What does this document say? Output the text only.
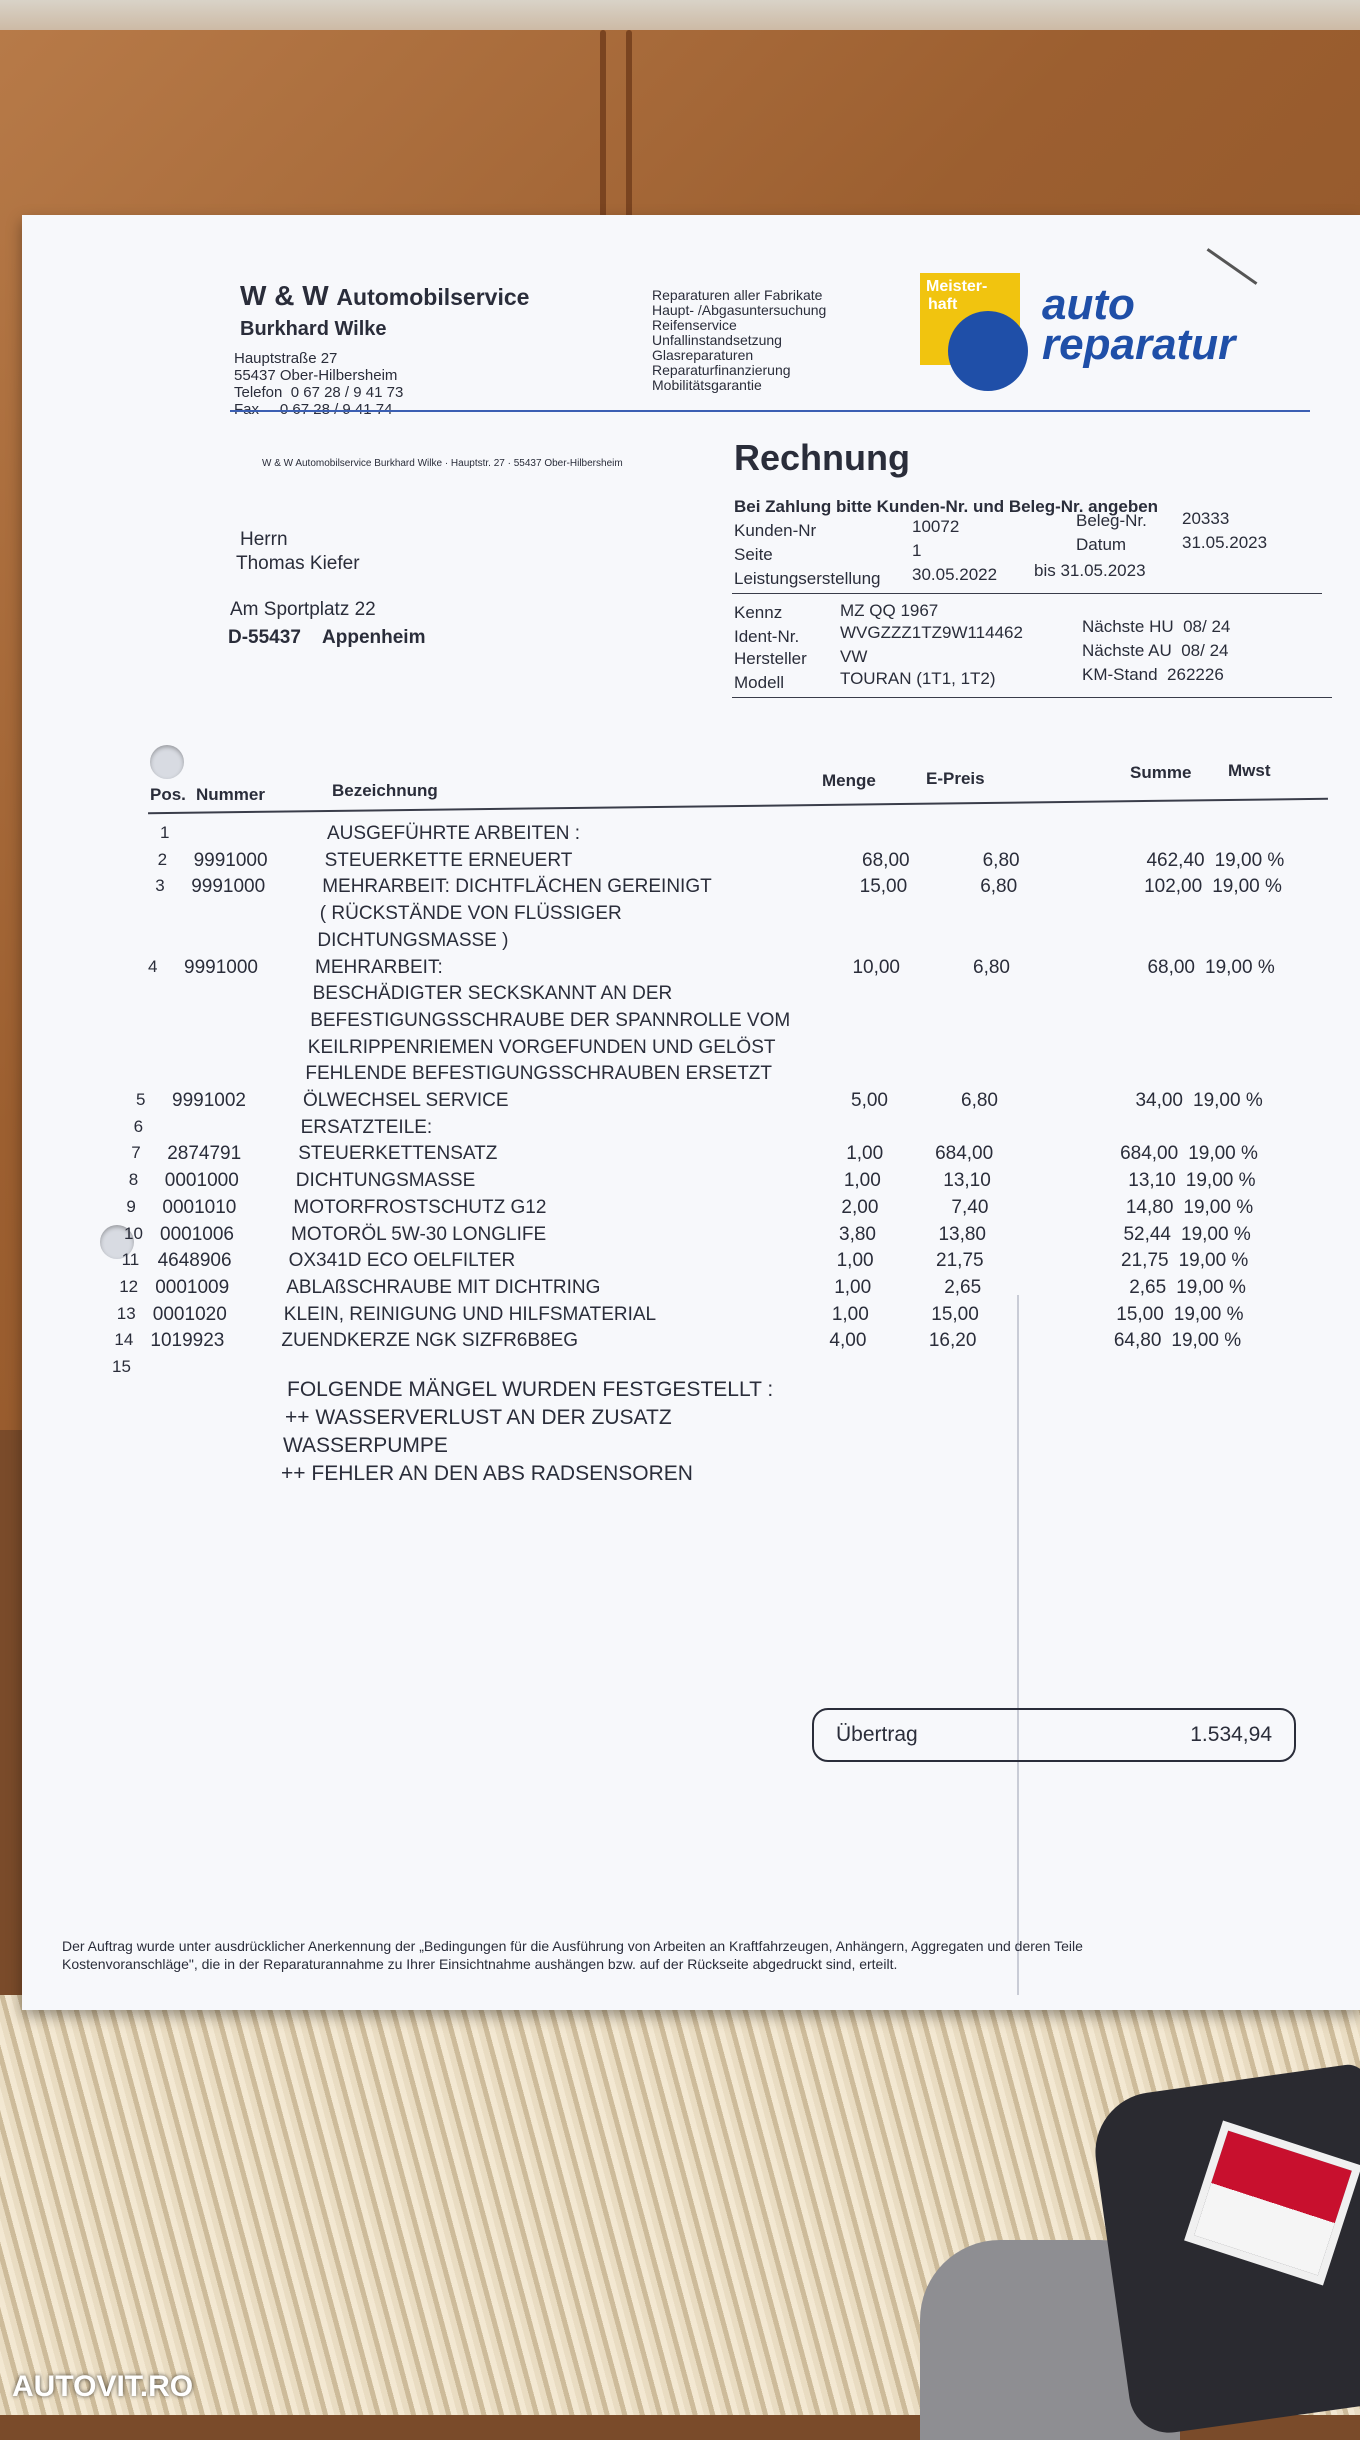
W & W Automobilservice
Burkhard Wilke
Hauptstraße 27
55437 Ober-Hilbersheim
Telefon 0 67 28 / 9 41 73

Reparaturen aller Fabrikate
Haupt- /Abgasuntersuchung
Reifenservice
Unfallinstandsetzung
Glasreparaturen
Reparaturfinanzierung
Mobilitätsgarantie
Meister-
haft auto
reparatur
W & W Automobilservice Burkhard Wilke · Hauptstr. 27 · 55437 Ober-Hilbersheim	Rechnung
Bei Zahlung bitte Kunden-Nr. und Beleg-Nr. angeben
Kunden-Nr	10072	Beleg-Nr. 20333
Seite	1	Datum	31.05.2023
Leistungserstellung 30.05.2022 bis 31.05.2023
Herrn
Thomas Kiefer
Am Sportplatz 22
D-55437 Appenheim
Kennz	MZ QQ 1967
Ident-Nr. WVGZZZ1TZ9W114462
Hersteller VW
Modell	TOURAN (1T1, 1T2)
Nächste HU 08/ 24
Nächste AU 08/ 24
KM-Stand 262226
Pos. Nummer	Bezeichnung
Menge	E-Preis	Summe Mwst
1	AUSGEFÜHRTE ARBEITEN :
2	9991000	STEUERKETTE ERNEUERT	68,00	6,80	462,40 19,00 %
3	9991000	MEHRARBEIT: DICHTFLÄCHEN GEREINIGT	15,00	6,80	102,00 19,00 %
( RÜCKSTÄNDE VON FLÜSSIGER
DICHTUNGSMASSE )
4	9991000	MEHRARBEIT:	10,00	6,80	68,00 19,00 %
BESCHÄDIGTER SECKSKANNT AN DER
BEFESTIGUNGSSCHRAUBE DER SPANNROLLE VOM
KEILRIPPENRIEMEN VORGEFUNDEN UND GELÖST
FEHLENDE BEFESTIGUNGSSCHRAUBEN ERSETZT
5	9991002	ÖLWECHSEL SERVICE	5,00	6,80	34,00 19,00 %
6	ERSATZTEILE:
7	2874791	STEUERKETTENSATZ	1,00	684,00	684,00 19,00 %
8	0001000	DICHTUNGSMASSE	1,00	13,10	13,10 19,00 %
9	0001010	MOTORFROSTSCHUTZ G12	2,00	7,40	14,80 19,00 %
10 0001006	MOTORÖL 5W-30 LONGLIFE	3,80	13,80	52,44 19,00 %
11 4648906	OX341D ECO OELFILTER	1,00	21,75	21,75 19,00 %
12 0001009	ABLAßSCHRAUBE MIT DICHTRING	1,00	2,65	2,65 19,00 %
13 0001020	KLEIN, REINIGUNG UND HILFSMATERIAL	1,00	15,00	15,00 19,00 %
14 1019923	ZUENDKERZE NGK SIZFR6B8EG	4,00	16,20	64,80 19,00 %
15
FOLGENDE MÄNGEL WURDEN FESTGESTELLT :
++ WASSERVERLUST AN DER ZUSATZ
WASSERPUMPE
++ FEHLER AN DEN ABS RADSENSOREN
Übertrag	1.534,94
Der Auftrag wurde unter ausdrücklicher Anerkennung der „Bedingungen für die Ausführung von Arbeiten an Kraftfahrzeugen, Anhängern, Aggregaten und deren Teile
Kostenvoranschläge", die in der Reparaturannahme zu Ihrer Einsichtnahme aushängen bzw. auf der Rückseite abgedruckt sind, erteilt.
AUTOVIT.RO
